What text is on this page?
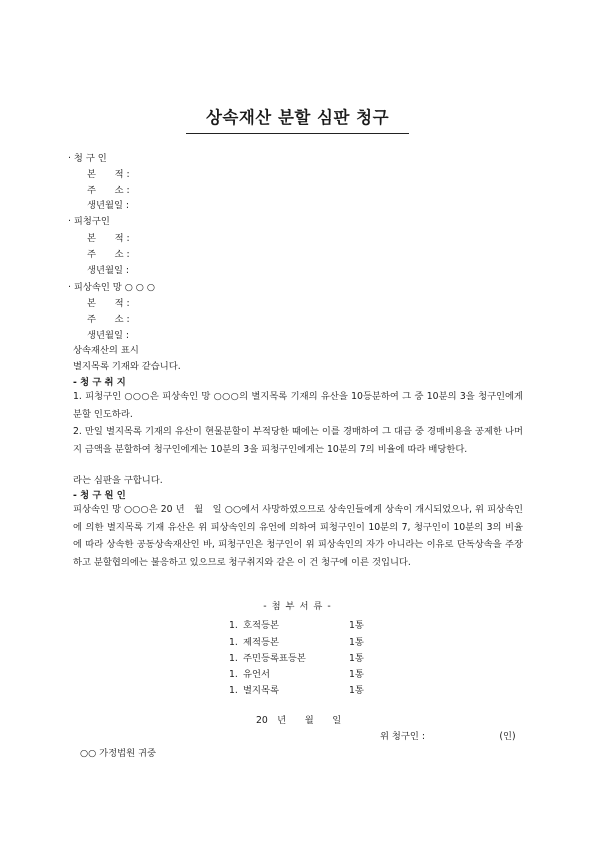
상속재산 분할 심판 청구
· 청 구 인
본　　적 :
주　　소 :
생년월일 :
· 피청구인
본　　적 :
주　　소 :
생년월일 :
· 피상속인 망 ○ ○ ○
본　　적 :
주　　소 :
생년월일 :
상속재산의 표시
별지목록 기재와 같습니다.
- 청 구 취 지

1. 피청구인 ○○○은 피상속인 망 ○○○의 별지목록 기재의 유산을 10등분하여 그 중 10분의 3을 청구인에게 분할 인도하라.

2. 만일 별지목록 기재의 유산이 현물분할이 부적당한 때에는 이를 경매하여 그 대금 중 경매비용을 공제한 나머지 금액을 분할하여 청구인에게는 10분의 3을 피청구인에게는 10분의 7의 비율에 따라 배당한다.

라는 심판을 구합니다.
- 청 구 원 인

피상속인 망 ○○○은 20 년　월　일 ○○에서 사망하였으므로 상속인들에게 상속이 개시되었으나, 위 피상속인에 의한 별지목록 기재 유산은 위 피상속인의 유언에 의하여 피청구인이 10분의 7, 청구인이 10분의 3의 비율에 따라 상속한 공동상속재산인 바, 피청구인은 청구인이 위 피상속인의 자가 아니라는 이유로 단독상속을 주장하고 분할협의에는 불응하고 있으므로 청구취지와 같은 이 건 청구에 이른 것입니다.

- 첨 부 서 류 -
1. 호적등본	1통
1. 제적등본	1통
1. 주민등록표등본	1통
1. 유언서	1통
1. 별지목록	1통
20　년　　월　　일
위 청구인 :　　　　　　　　(인)
○○ 가정법원 귀중
